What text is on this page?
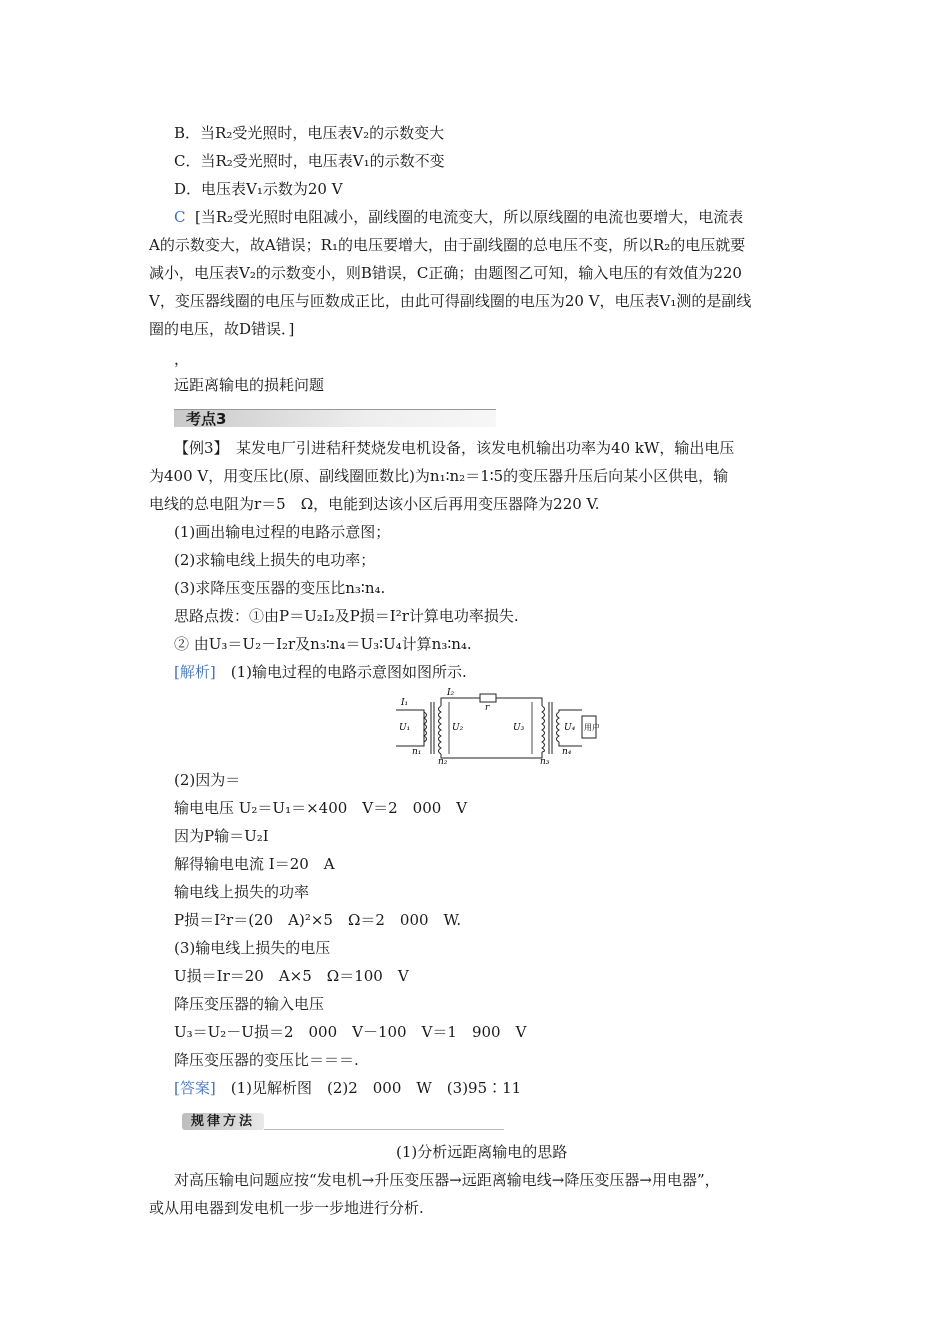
B．当R₂受光照时，电压表V₂的示数变大
C．当R₂受光照时，电压表V₁的示数不变
D．电压表V₁示数为20 V
C [当R₂受光照时电阻减小，副线圈的电流变大，所以原线圈的电流也要增大，电流表
A的示数变大，故A错误；R₁的电压要增大，由于副线圈的总电压不变，所以R₂的电压就要
减小，电压表V₂的示数变小，则B错误，C正确；由题图乙可知，输入电压的有效值为220
V，变压器线圈的电压与匝数成正比，由此可得副线圈的电压为20 V，电压表V₁测的是副线
圈的电压，故D错误．]
，
远距离输电的损耗问题
考点3
【例3】　某发电厂引进秸秆焚烧发电机设备，该发电机输出功率为40 kW，输出电压
为400 V，用变压比(原、副线圈匝数比)为n₁∶n₂＝1∶5的变压器升压后向某小区供电，输
电线的总电阻为r＝5　Ω，电能到达该小区后再用变压器降为220 V.
(1)画出输电过程的电路示意图；
(2)求输电线上损失的电功率；
(3)求降压变压器的变压比n₃∶n₄.
思路点拨：①由P＝U₂I₂及P损＝I²r计算电功率损失.
② 由U₃＝U₂－I₂r及n₃∶n₄＝U₃∶U₄计算n₃∶n₄.
[解析]　(1)输电过程的电路示意图如图所示.
I₁
U₁
n₁
I₂
r
U₂
n₂
U₃
n₃
U₄
n₄
用户
(2)因为＝
输电电压 U₂＝U₁＝×400　V＝2　000　V
因为P输＝U₂I
解得输电电流 I＝20　A
输电线上损失的功率
P损＝I²r＝(20　A)²×5　Ω＝2　000　W.
(3)输电线上损失的电压
U损＝Ir＝20　A×5　Ω＝100　V
降压变压器的输入电压
U₃＝U₂－U损＝2　000　V－100　V＝1　900　V
降压变压器的变压比＝＝＝.
[答案]　(1)见解析图　(2)2　000　W　(3)95∶11
规律方法
(1)分析远距离输电的思路
对高压输电问题应按“发电机→升压变压器→远距离输电线→降压变压器→用电器”，
或从用电器到发电机一步一步地进行分析.
